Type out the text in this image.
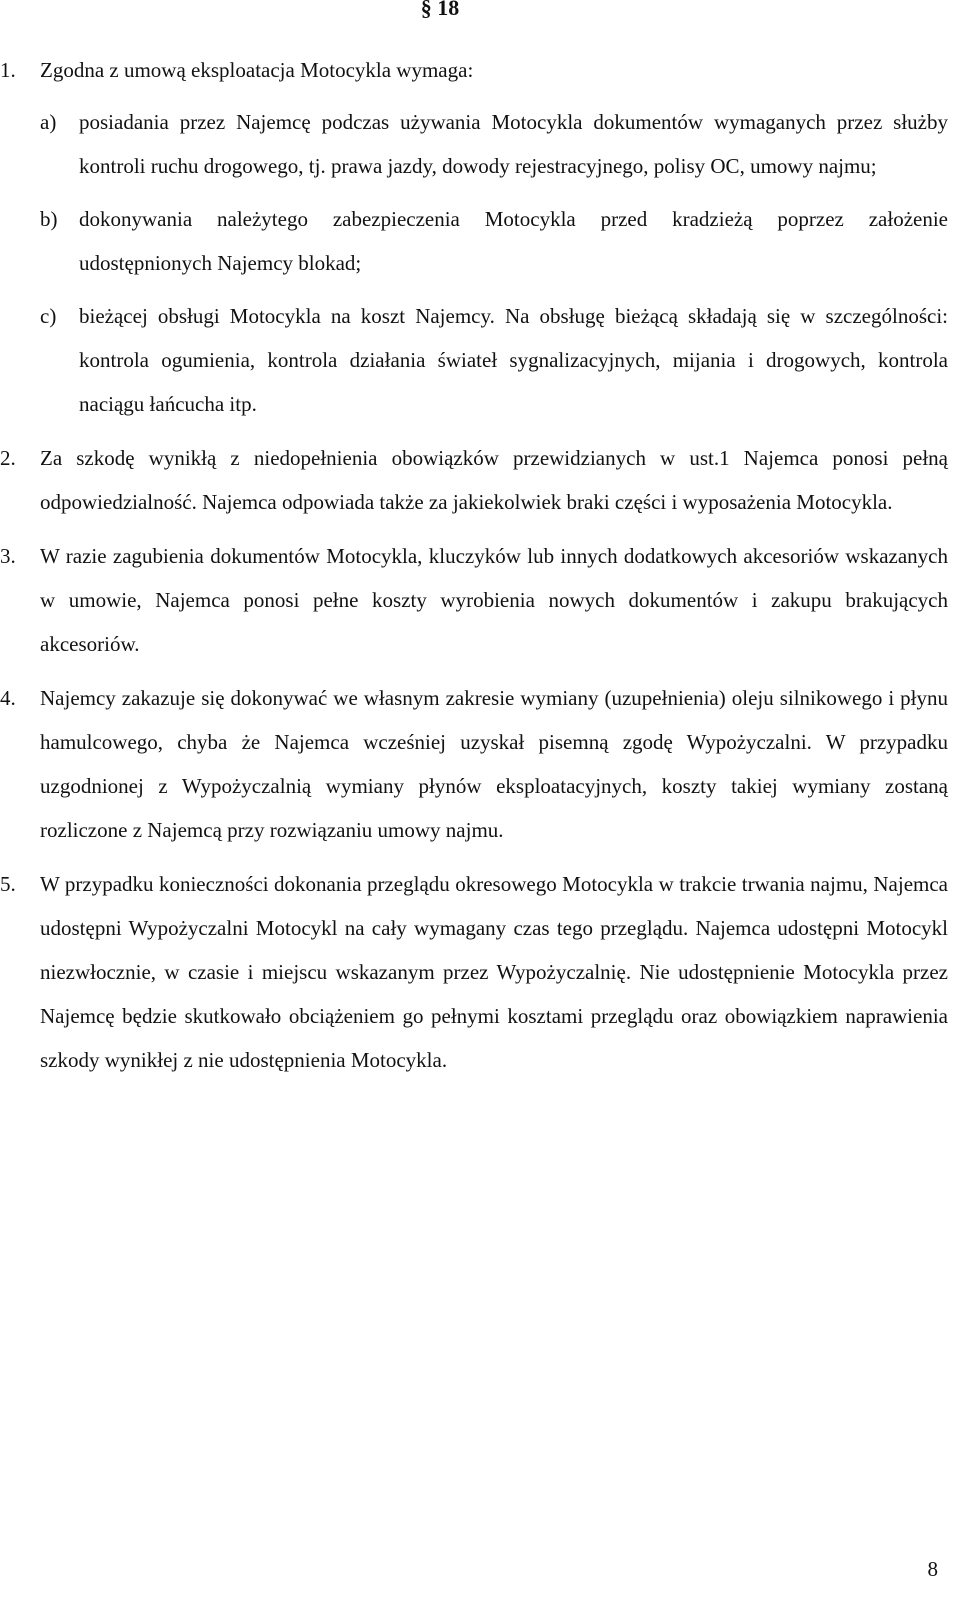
§ 18
1. Zgodna z umową eksploatacja Motocykla wymaga:
a) posiadania przez Najemcę podczas używania Motocykla dokumentów wymaganych przez służby kontroli ruchu drogowego, tj. prawa jazdy, dowody rejestracyjnego, polisy OC, umowy najmu;
b) dokonywania należytego zabezpieczenia Motocykla przed kradzieżą poprzez założenie udostępnionych Najemcy blokad;
c) bieżącej obsługi Motocykla na koszt Najemcy. Na obsługę bieżącą składają się w szczególności: kontrola ogumienia, kontrola działania świateł sygnalizacyjnych, mijania i drogowych, kontrola naciągu łańcucha itp.
2. Za szkodę wynikłą z niedopełnienia obowiązków przewidzianych w ust.1 Najemca ponosi pełną odpowiedzialność. Najemca odpowiada także za jakiekolwiek braki części i wyposażenia Motocykla.
3. W razie zagubienia dokumentów Motocykla, kluczyków lub innych dodatkowych akcesoriów wskazanych w umowie, Najemca ponosi pełne koszty wyrobienia nowych dokumentów i zakupu brakujących akcesoriów.
4. Najemcy zakazuje się dokonywać we własnym zakresie wymiany (uzupełnienia) oleju silnikowego i płynu hamulcowego, chyba że Najemca wcześniej uzyskał pisemną zgodę Wypożyczalni. W przypadku uzgodnionej z Wypożyczalnią wymiany płynów eksploatacyjnych, koszty takiej wymiany zostaną rozliczone z Najemcą przy rozwiązaniu umowy najmu.
5. W przypadku konieczności dokonania przeglądu okresowego Motocykla w trakcie trwania najmu, Najemca udostępni Wypożyczalni Motocykl na cały wymagany czas tego przeglądu. Najemca udostępni Motocykl niezwłocznie, w czasie i miejscu wskazanym przez Wypożyczalnię. Nie udostępnienie Motocykla przez Najemcę będzie skutkowało obciążeniem go pełnymi kosztami przeglądu oraz obowiązkiem naprawienia szkody wynikłej z nie udostępnienia Motocykla.
8
